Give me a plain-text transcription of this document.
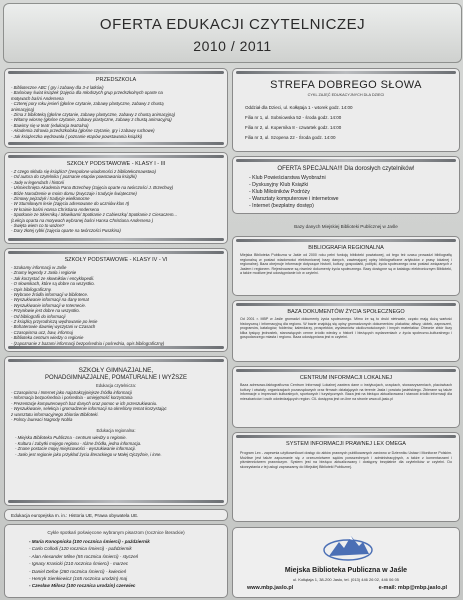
OFERTA EDUKACJI CZYTELNICZEJ
2010 / 2011
PRZEDSZKOLA
- Biblioteczne ABC ( gry i zabawy dla 3-4 latków)
- Baśniowy świat książek (zajęcia dla młodszych grup przedszkolnych oparte na
motywach baśni Andersena
- Czterej pory roku jesień (głośne czytanie, zabawy plastyczne, zabawy z chustą
animacyjną)
- Zima z biblioteką (głośne czytanie, zabawy plastyczne, zabawy z chustą animacyjną)
- Witamy wiosnę (głośne czytanie, zabawy plastyczne, zabawy z chustą animacyjną)
- Bawimy się w teatr (edukacja teatralna)
- Akademia zdrowia przedszkolaka (głośne czytanie, gry i zabawy ruchowe)
- Jak książeczka wędrowała ( poznanie etapów powstawania książki)
SZKOŁY PODSTAWOWE - KLASY I - III
- Z czego składa się książka? (zespolone wiadomości z bibliotekoznawstwa)
- Od autora do czytelnika ( poznanie etapów powstawania książki)
- Jadę w legendach i historii
- Uśmiechnięta Akademia Pana Brzechwy (zajęcia oparte na twórczości J. Brzechwy)
- Bóże Narodzenie w moim domu (zwyczaje i tradycje świąteczne)
- Zimowy pejzażyk i tradycje wielkanocne
- W Stumilowym lesie (zajęcia adresowane do uczniów klas II)
- W krainie baśni Hansa Christiana Andersena
- Spotkanie ze Skierniką i Słowikami/ Spotkanie z Cabieszką/ Spotkanie z Ciesaczem...
(Lekcja oparta na motywach wybranej baśni Hansa Christiana Andersena )
- Święta wiem co to ważne?
- Dary złotej rybki (zajęcia oparte na twórczości Puszkina)
SZKOŁY PODSTAWOWE - KLASY IV - VI
- Szukamy informacji w Jaśle
- Znamy legendy z Jasła i regionie
- Jak korzystać ze słowników i encyklopedii.
- O słownikach, które są dobre na wszystko.
- Opis bibliograficzny.
- Wybrane źródła informacji w bibliotece.
- Wyszukiwanie informacji na dany temat
- Wyszukiwanie informacji w Internecie.
- Przysłowie jest dobre na wszystko.
- Od bibliografii do informacji
- Z książką przyrodniczą wędrowanie po lesie
- Bohaterowie dawniej wyczytani w Czasach
- Czasopisma ucz, baw, informuj
- Biblioteka centrum wiedzy o regionie
- (zapoznanie z bazami informacji bezpośrednia i pośrednia, opis bibliograficzny)
SZKOŁY GIMNAZJALNE,
PONADGIMNAZJALNE, POMATURALNE I WYŻSZE
Edukacja czytelnicza:
- Czasopisma i Internet jako najatrakcyjniejsze źródła informacji
- Informacja bezpośrednia i pośrednia - umiejętność korzystania
- Prezentacje komputerowych baz danych oraz pomoc w ich przeszukiwaniu.
- Wyszukiwanie, selekcja i gromadzenie informacji na określony temat korzystając
z warsztatu informacyjnego zbiorów Biblioteki.
- Polscy laureaci Nagrody Nobla
Edukacja regionalna:
- Miejska Biblioteka Publiczna - centrum wiedzy o regionie.
- Kultura i zabytki mojego regionu - różne źródła, jedna informacja.
- Znane postacie mojej miejscowości - wyszukiwanie informacji.
- Jasło jest regionie jako przykład życia literackiego w Małej Ojczyźnie, i inne.
Edukacja europejska m. in.: Historia UE, Prawa obywatela UE.
Cykle spotkań poświęcone wybranym pisarzom (rocznice literackie)
- Maria Konopnicka (100 rocznica śmierci) - październik
- Carlo Collodi (120 rocznica śmierci) - październik
- Alan Alexander Milne (55 rocznica śmierci) - styczeń
- Ignacy Krasicki (210 rocznica śmierci) - marzec
- Daniel Defoe (280 rocznica śmierci) - kwiecień
- Henryk Sienkiewicz (165 rocznica urodzin) maj
- Czesław Miłosz (100 rocznica urodzin) czerwiec
STREFA DOBREGO SŁOWA
CYKL ZAJĘĆ EDUKACYJNYCH DLA DZIECI
Oddział dla Dzieci, ul. Kołłątaja 1 - wtorek godz. 14:00
Filia nr 1, ul. Sobniowska 52 - środa godz. 14:00
Filia nr 2, ul. Kopernika 8 - czwartek godz. 14:00
Filia nr 3, ul. Szopena 22 - Środa godz. 14:00
OFERTA SPECJALNA!!! Dla dorosłych czytelników!
- Klub Powieściarstwa Wyobraźni
- Dyskusyjny Klub Książki
- Klub Miłośników Podróży
- Warsztaty komputerowe i internetowe
- Internet (bezpłatny dostęp)
Bazy danych Miejskiej Biblioteki Publicznej w Jaśle
BIBLIOGRAFIA REGIONALNA
Miejska Biblioteka Publiczna w Jaśle od 2000 roku pełni funkcję biblioteki powiatowej, od tego też czasu prowadzi bibliografię regionalną w postaci wiadomości elektronicznej bazy danych, zawierającej opisy bibliograficzne artykułów z prasy lokalnej i regionalnej. Baza obejmuje informacje dotyczące historii, kultury, gospodarki, polityki, życia społecznego oraz postaci związanych z Jasłem i regionem. Rejestrowane są również dokumenty życia społecznego. Bazy dostępne są w katalogu elektronicznym Biblioteki, a także możliwe jest udostępnianie ich w czytelni.
BAZA DOKUMENTÓW ŻYCIA SPOŁECZNEGO
Od 2001 r. MBP w Jaśle gromadzi dokumenty życia społecznego. Mimo że są to druki nietrwałe, często mają dużą wartość historyczną i informacyjną dla regionu. W bazie znajdują się opisy gromadzonych dokumentów: plakatów, afiszy, ulotek, zaproszeń, programów, katalogów, folderów, kalendarzy, prospektów, wydawnictw okolicznościowych i innych materiałów. Obecnie zbiór liczy kilka tysięcy jednostek, stanowiących cenne źródło wiedzy o historii i bieżących wydarzeniach z życia społeczno-kulturalnego i gospodarczego miasta i regionu. Baza udostępniana jest w czytelni.
CENTRUM INFORMACJI LOKALNEJ
Baza adresowo-faktograficzna Centrum Informacji Lokalnej zawiera dane o instytucjach, urzędach, stowarzyszeniach, placówkach kultury i oświaty, organizacjach pozarządowych oraz firmach działających na terenie Jasła i powiatu jasielskiego. Zbierane są także informacje o imprezach kulturalnych, sportowych i turystycznych. Baza jest na bieżąco aktualizowana i stanowi źródło informacji dla mieszkańców i osób odwiedzających region. CIL dostępna jest on-line na stronie www.cil.jasio.pl
SYSTEM INFORMACJI PRAWNEJ LEX OMEGA
Program Lex - zapewnia użytkownikowi dostęp do aktów prawnych publikowanych zarówno w Dzienniku Ustaw i Monitorze Polskim. Możliwe jest także zapoznanie się z orzecznictwem sądów powszechnych i administracyjnych, a także z komentarzami i piśmiennictwem prawniczym. System jest na bieżąco aktualizowany i dostępny bezpłatnie dla czytelników w czytelni. Do skorzystania z tej usługi zapraszamy do Miejskiej Biblioteki Publicznej.
Miejska Biblioteka Publiczna w Jaśle
ul. Kołłątaja 1, 38-200 Jasło, tel. (013) 446 26 02, 446 06 05
www.mbp.jaslo.pl	e-mail: mbp@mbp.jaslo.pl
